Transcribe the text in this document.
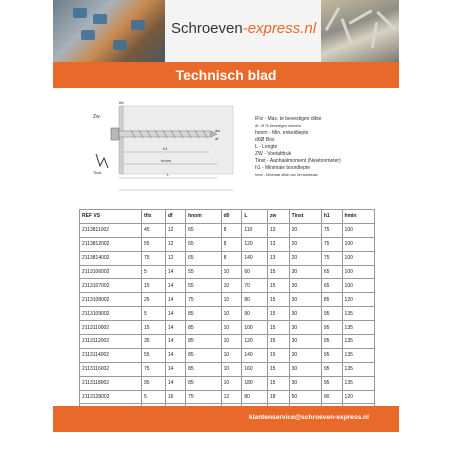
Schroeven-express.nl
Technisch blad
Zw
tfix
dw
df
h1
hnom
L
Tinst
tFix - Max. te bevestigen dikte
df - Ø Te bevestigen element
hnom - Min. enkeldiepte
d0Ø Bos
L - Lengte
ZW - Voetafdruk
Tinst - Aanhaalmoment (Newtonmeter)
h1 - Minimale boordiepte
hmin - Minimale dikte van het substraat
REF VS	tfix	df	hnom	d0	L	zw	Tinst	h1	hmin
2113811002	45	12	65	8	110	13	20	75	100
2113812002	55	12	65	8	120	13	20	75	100
2113814002	75	12	65	8	140	13	20	75	100
2113106002	5	14	55	10	60	15	30	65	100
2113107002	15	14	55	10	70	15	30	65	100
2113108002	25	14	75	10	80	15	30	85	120
2113109002	5	14	85	10	90	15	30	95	135
2113110002	15	14	85	10	100	15	30	95	135
2113112002	35	14	85	10	120	15	30	95	135
2113114002	55	14	85	10	140	15	30	95	135
2113116002	75	14	85	10	160	15	30	95	135
2113118002	95	14	85	10	180	15	30	95	135
2113128002	5	16	75	12	80	18	50	90	120

klantenservice@schroeven-express.nl
